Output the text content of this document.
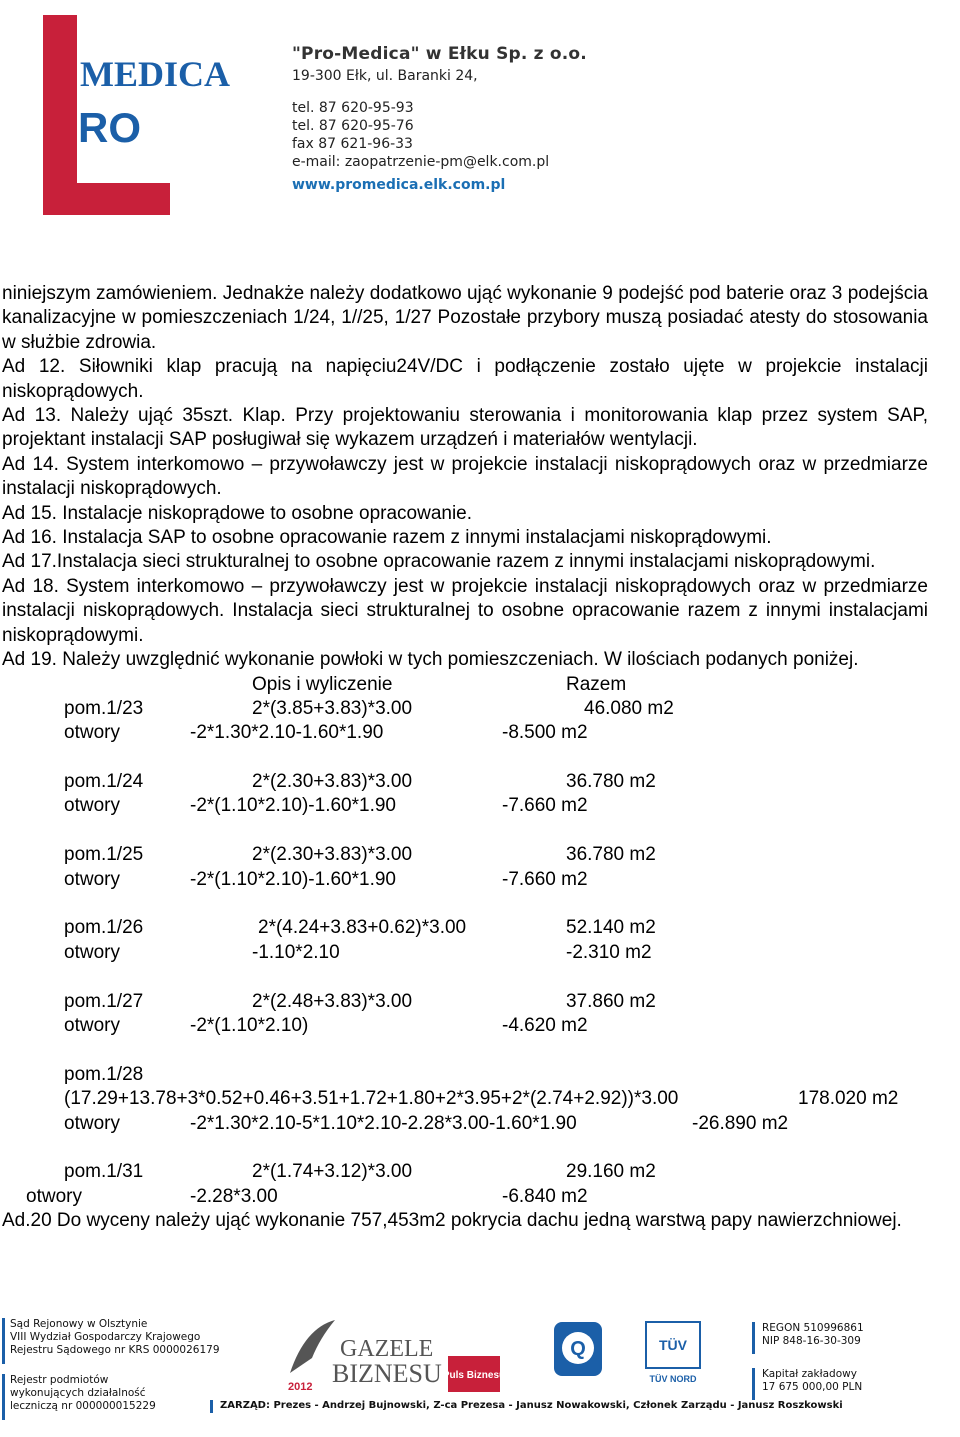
MEDICA
RO
"Pro-Medica" w Ełku Sp. z o.o.
19-300 Ełk, ul. Baranki 24,
tel. 87 620-95-93
tel. 87 620-95-76
fax 87 621-96-33
e-mail: zaopatrzenie-pm@elk.com.pl
www.promedica.elk.com.pl

niniejszym zamówieniem. Jednakże należy dodatkowo ująć wykonanie 9 podejść pod baterie oraz 3 podejścia kanalizacyjne w pomieszczeniach 1/24, 1//25, 1/27 Pozostałe przybory muszą posiadać atesty do stosowania w służbie zdrowia.

Ad 12. Siłowniki klap pracują na napięciu24V/DC i podłączenie zostało ujęte w projekcie instalacji niskoprądowych.

Ad 13. Należy ująć 35szt. Klap. Przy projektowaniu sterowania i monitorowania klap przez system SAP, projektant instalacji SAP posługiwał się wykazem urządzeń i materiałów wentylacji.

Ad 14. System interkomowo – przywoławczy jest w projekcie instalacji niskoprądowych oraz w przedmiarze instalacji niskoprądowych.

Ad 15. Instalacje niskoprądowe to osobne opracowanie.

Ad 16. Instalacja SAP to osobne opracowanie razem z innymi instalacjami niskoprądowymi.

Ad 17.Instalacja sieci strukturalnej to osobne opracowanie razem z innymi instalacjami niskoprądowymi.

Ad 18. System interkomowo – przywoławczy jest w projekcie instalacji niskoprądowych oraz w przedmiarze instalacji niskoprądowych. Instalacja sieci strukturalnej to osobne opracowanie razem z innymi instalacjami niskoprądowymi.

Ad 19. Należy uwzględnić wykonanie powłoki w tych pomieszczeniach. W ilościach podanych poniżej.

Opis i wyliczenie	Razem
pom.1/23	2*(3.85+3.83)*3.00	46.080 m2
otwory	-2*1.30*2.10-1.60*1.90	-8.500 m2
pom.1/24	2*(2.30+3.83)*3.00	36.780 m2
otwory	-2*(1.10*2.10)-1.60*1.90	-7.660 m2
pom.1/25	2*(2.30+3.83)*3.00	36.780 m2
otwory	-2*(1.10*2.10)-1.60*1.90	-7.660 m2
pom.1/26	2*(4.24+3.83+0.62)*3.00	52.140 m2
otwory	-1.10*2.10	-2.310 m2
pom.1/27	2*(2.48+3.83)*3.00	37.860 m2
otwory	-2*(1.10*2.10)	-4.620 m2
pom.1/28
(17.29+13.78+3*0.52+0.46+3.51+1.72+1.80+2*3.95+2*(2.74+2.92))*3.00	178.020 m2
otwory	-2*1.30*2.10-5*1.10*2.10-2.28*3.00-1.60*1.90	-26.890 m2
pom.1/31	2*(1.74+3.12)*3.00	29.160 m2
otwory	-2.28*3.00	-6.840 m2

Ad.20 Do wyceny należy ująć wykonanie 757,453m2 pokrycia dachu jedną warstwą papy nawierzchniowej.

Sąd Rejonowy w Olsztynie
VIII Wydział Gospodarczy Krajowego
Rejestru Sądowego nr KRS 0000026179
Rejestr podmiotów
wykonujących działalność
leczniczą nr 000000015229
2012
GAZELE
BIZNESU Puls Biznesu
Q	TÜV
TÜV NORD
REGON 510996861
NIP 848-16-30-309
Kapitał zakładowy
17 675 000,00 PLN
ZARZĄD: Prezes - Andrzej Bujnowski, Z-ca Prezesa - Janusz Nowakowski, Członek Zarządu - Janusz Roszkowski
